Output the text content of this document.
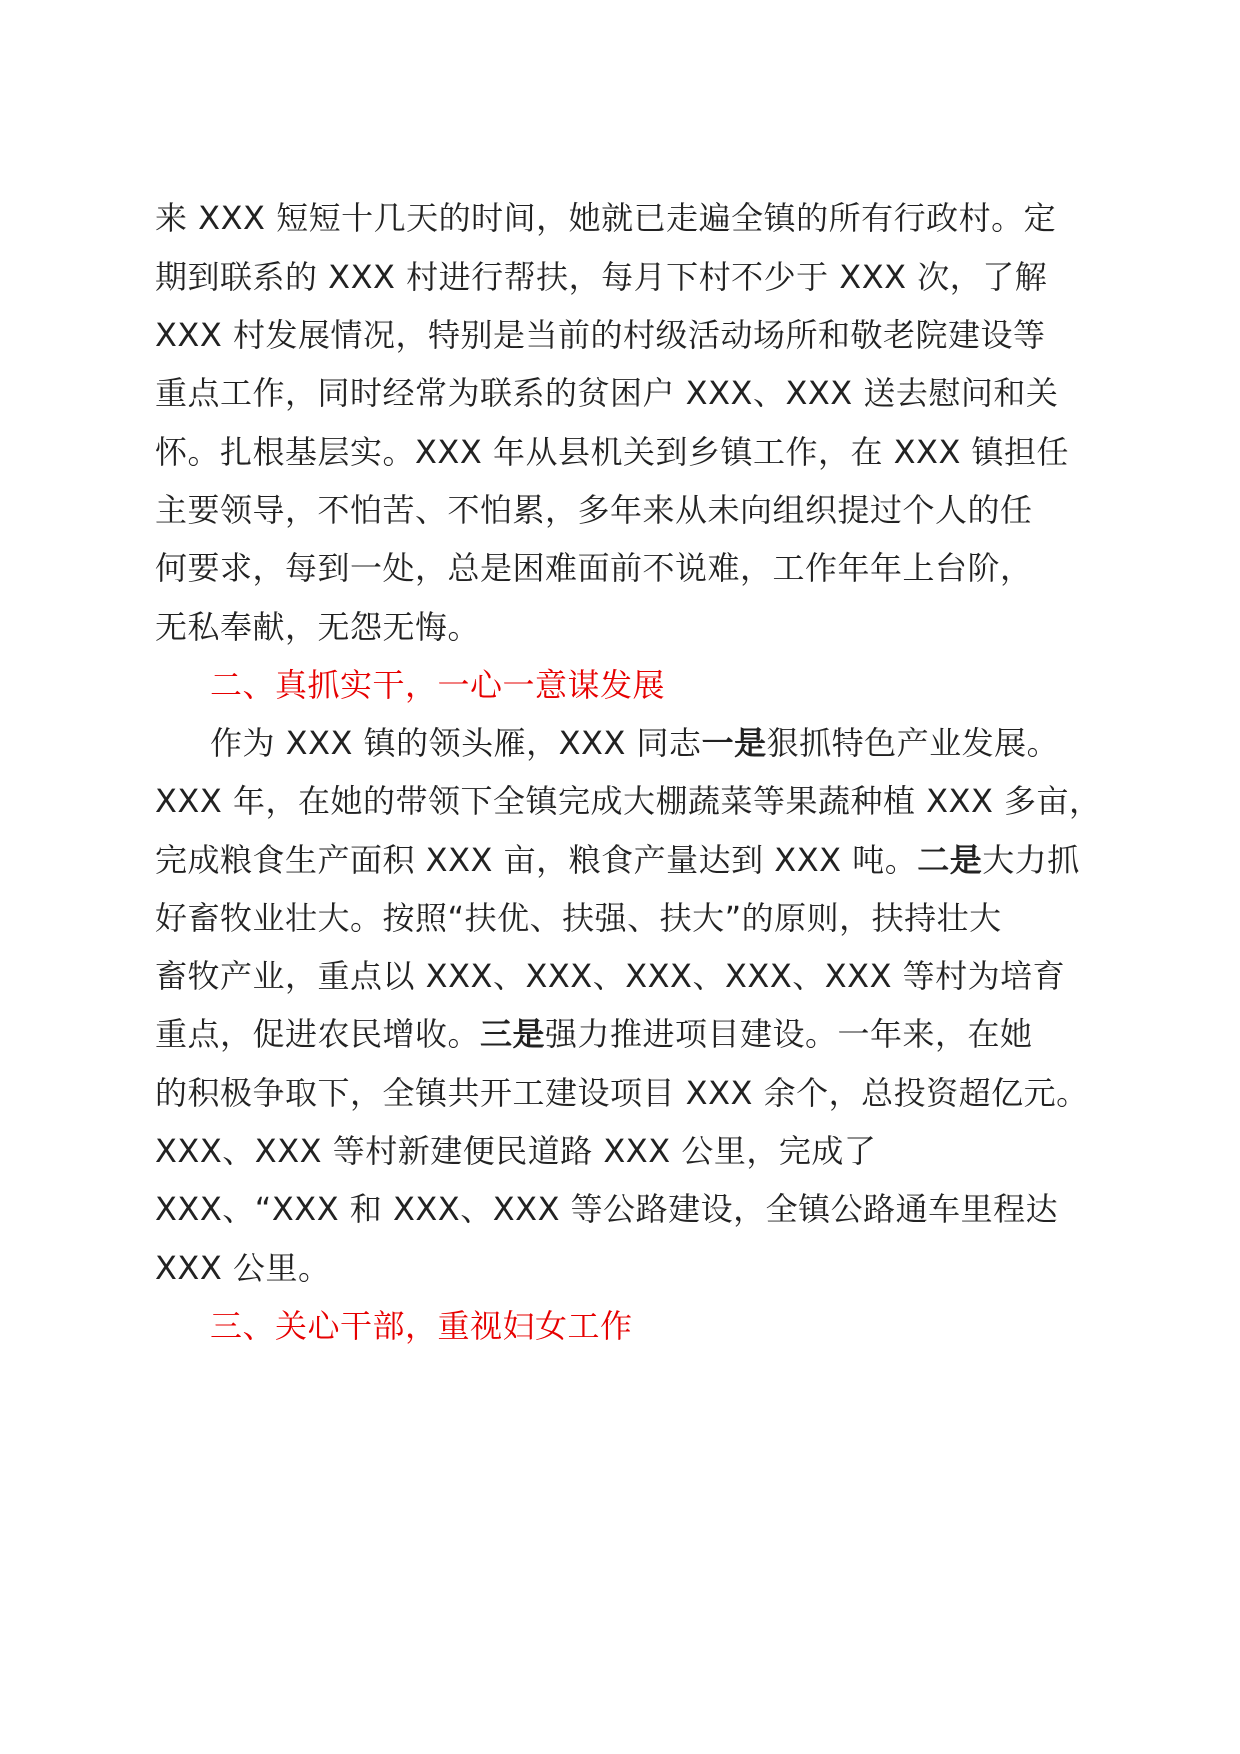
来 XXX 短短十几天的时间，她就已走遍全镇的所有行政村。定
期到联系的 XXX 村进行帮扶，每月下村不少于 XXX 次，了解
XXX 村发展情况，特别是当前的村级活动场所和敬老院建设等
重点工作，同时经常为联系的贫困户 XXX、XXX 送去慰问和关
怀。扎根基层实。XXX 年从县机关到乡镇工作，在 XXX 镇担任
主要领导，不怕苦、不怕累，多年来从未向组织提过个人的任
何要求，每到一处，总是困难面前不说难，工作年年上台阶，
无私奉献，无怨无悔。
二、真抓实干，一心一意谋发展
作为 XXX 镇的领头雁，XXX 同志一是狠抓特色产业发展。
XXX 年，在她的带领下全镇完成大棚蔬菜等果蔬种植 XXX 多亩，
完成粮食生产面积 XXX 亩，粮食产量达到 XXX 吨。二是大力抓
好畜牧业壮大。按照“扶优、扶强、扶大”的原则，扶持壮大
畜牧产业，重点以 XXX、XXX、XXX、XXX、XXX 等村为培育
重点，促进农民增收。三是强力推进项目建设。一年来，在她
的积极争取下，全镇共开工建设项目 XXX 余个，总投资超亿元。
XXX、XXX 等村新建便民道路 XXX 公里，完成了
XXX、“XXX 和 XXX、XXX 等公路建设，全镇公路通车里程达
XXX 公里。
三、关心干部，重视妇女工作
